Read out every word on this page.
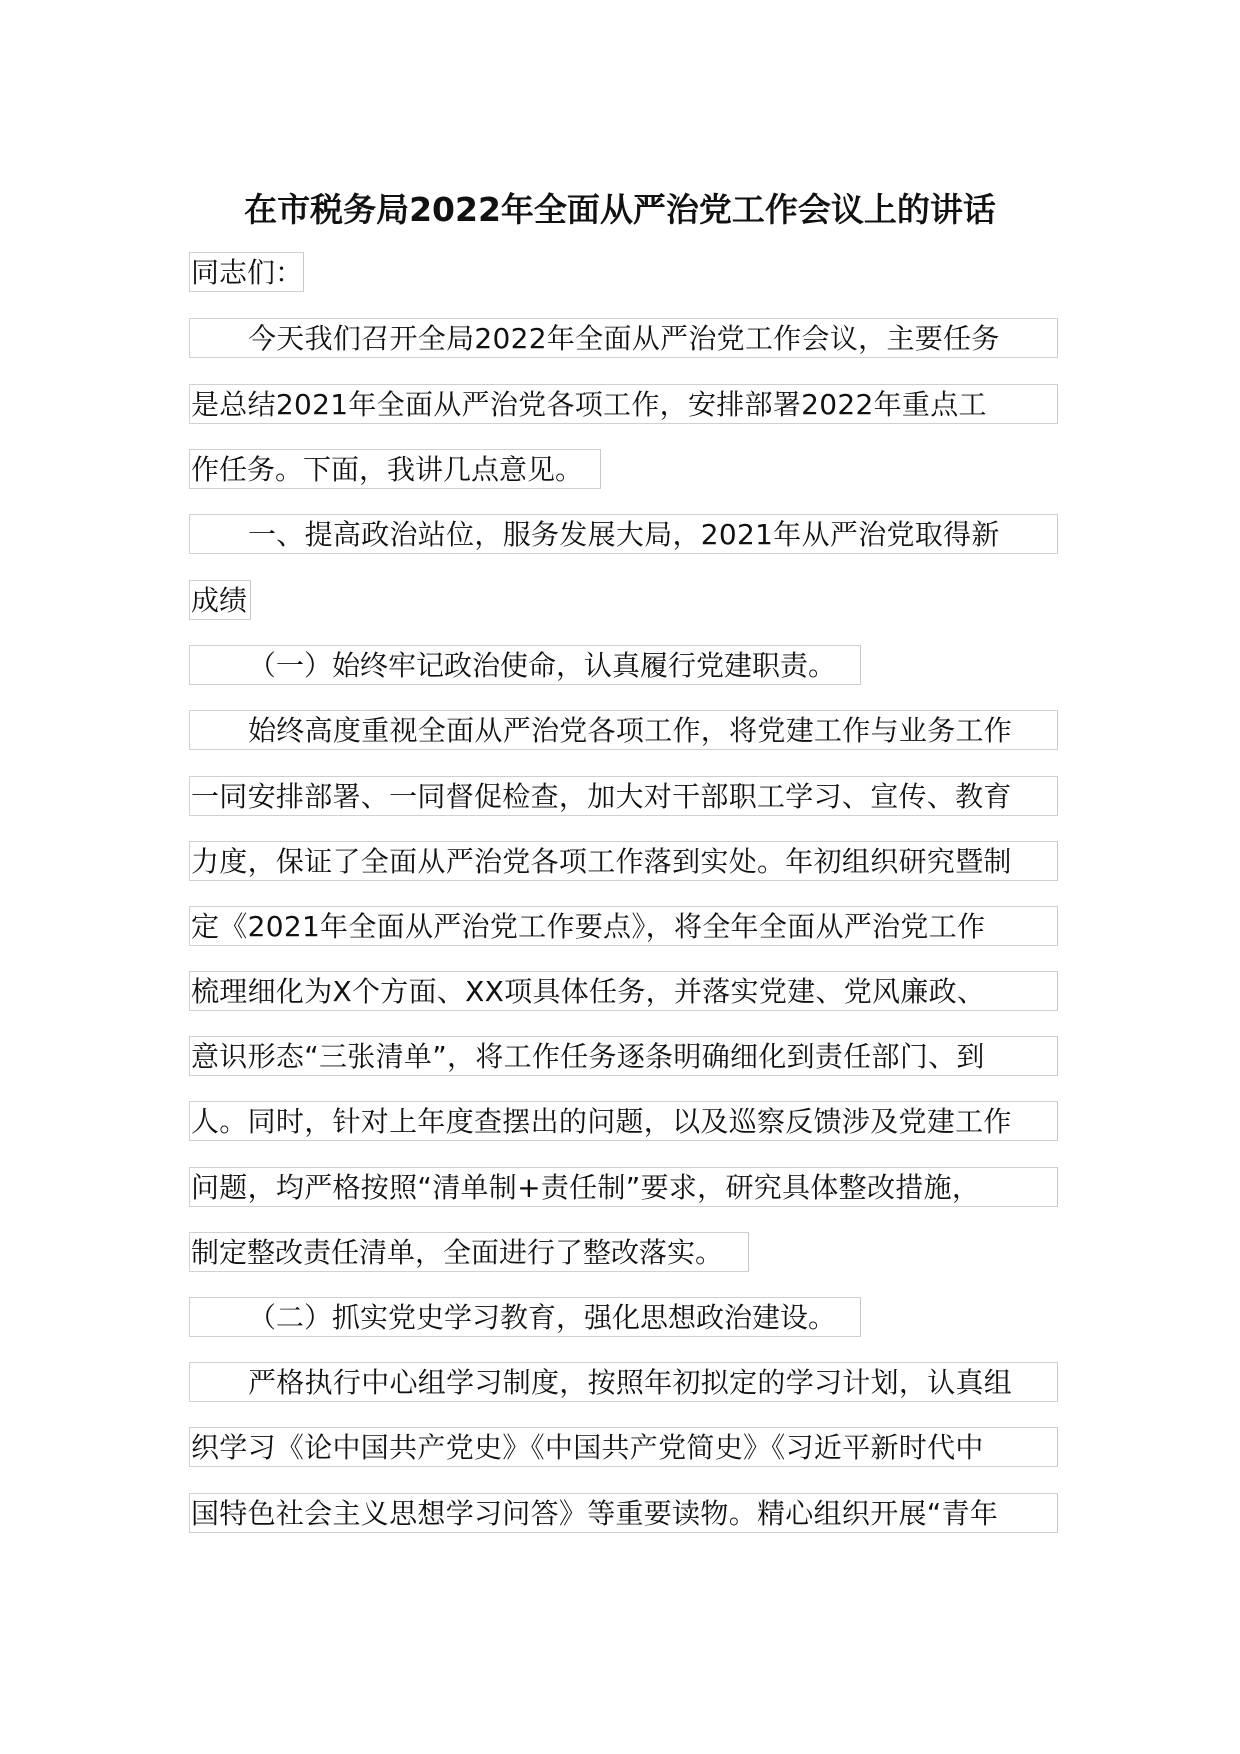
在市税务局2022年全面从严治党工作会议上的讲话
同志们：
今天我们召开全局2022年全面从严治党工作会议，主要任务
是总结2021年全面从严治党各项工作，安排部署2022年重点工
作任务。下面，我讲几点意见。
一、提高政治站位，服务发展大局，2021年从严治党取得新
成绩
（一）始终牢记政治使命，认真履行党建职责。
始终高度重视全面从严治党各项工作，将党建工作与业务工作
一同安排部署、一同督促检查，加大对干部职工学习、宣传、教育
力度，保证了全面从严治党各项工作落到实处。年初组织研究暨制
定《2021年全面从严治党工作要点》，将全年全面从严治党工作
梳理细化为X个方面、XX项具体任务，并落实党建、党风廉政、
意识形态“三张清单”，将工作任务逐条明确细化到责任部门、到
人。同时，针对上年度查摆出的问题，以及巡察反馈涉及党建工作
问题，均严格按照“清单制+责任制”要求，研究具体整改措施，
制定整改责任清单，全面进行了整改落实。
（二）抓实党史学习教育，强化思想政治建设。
严格执行中心组学习制度，按照年初拟定的学习计划，认真组
织学习《论中国共产党史》《中国共产党简史》《习近平新时代中
国特色社会主义思想学习问答》等重要读物。精心组织开展“青年
